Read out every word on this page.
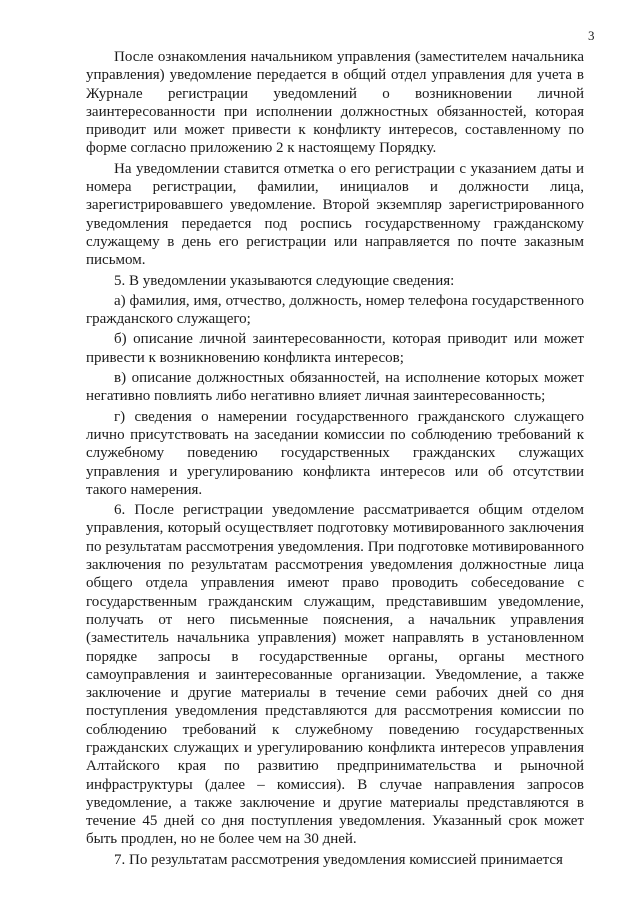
3

После ознакомления начальником управления (заместителем начальника управления) уведомление передается в общий отдел управления для учета в Журнале регистрации уведомлений о возникновении личной заинтересованности при исполнении должностных обязанностей, которая приводит или может привести к конфликту интересов, составленному по форме согласно приложению 2 к настоящему Порядку.

На уведомлении ставится отметка о его регистрации с указанием даты и номера регистрации, фамилии, инициалов и должности лица, зарегистрировавшего уведомление. Второй экземпляр зарегистрированного уведомления передается под роспись государственному гражданскому служащему в день его регистрации или направляется по почте заказным письмом.

5. В уведомлении указываются следующие сведения:

а) фамилия, имя, отчество, должность, номер телефона государственного гражданского служащего;

б) описание личной заинтересованности, которая приводит или может привести к возникновению конфликта интересов;

в) описание должностных обязанностей, на исполнение которых может негативно повлиять либо негативно влияет личная заинтересованность;

г) сведения о намерении государственного гражданского служащего лично присутствовать на заседании комиссии по соблюдению требований к служебному поведению государственных гражданских служащих управления и урегулированию конфликта интересов или об отсутствии такого намерения.

6. После регистрации уведомление рассматривается общим отделом управления, который осуществляет подготовку мотивированного заключения по результатам рассмотрения уведомления. При подготовке мотивированного заключения по результатам рассмотрения уведомления должностные лица общего отдела управления имеют право проводить собеседование с государственным гражданским служащим, представившим уведомление, получать от него письменные пояснения, а начальник управления (заместитель начальника управления) может направлять в установленном порядке запросы в государственные органы, органы местного самоуправления и заинтересованные организации. Уведомление, а также заключение и другие материалы в течение семи рабочих дней со дня поступления уведомления представляются для рассмотрения комиссии по соблюдению требований к служебному поведению государственных гражданских служащих и урегулированию конфликта интересов управления Алтайского края по развитию предпринимательства и рыночной инфраструктуры (далее – комиссия). В случае направления запросов уведомление, а также заключение и другие материалы представляются в течение 45 дней со дня поступления уведомления. Указанный срок может быть продлен, но не более чем на 30 дней.

7. По результатам рассмотрения уведомления комиссией принимается
